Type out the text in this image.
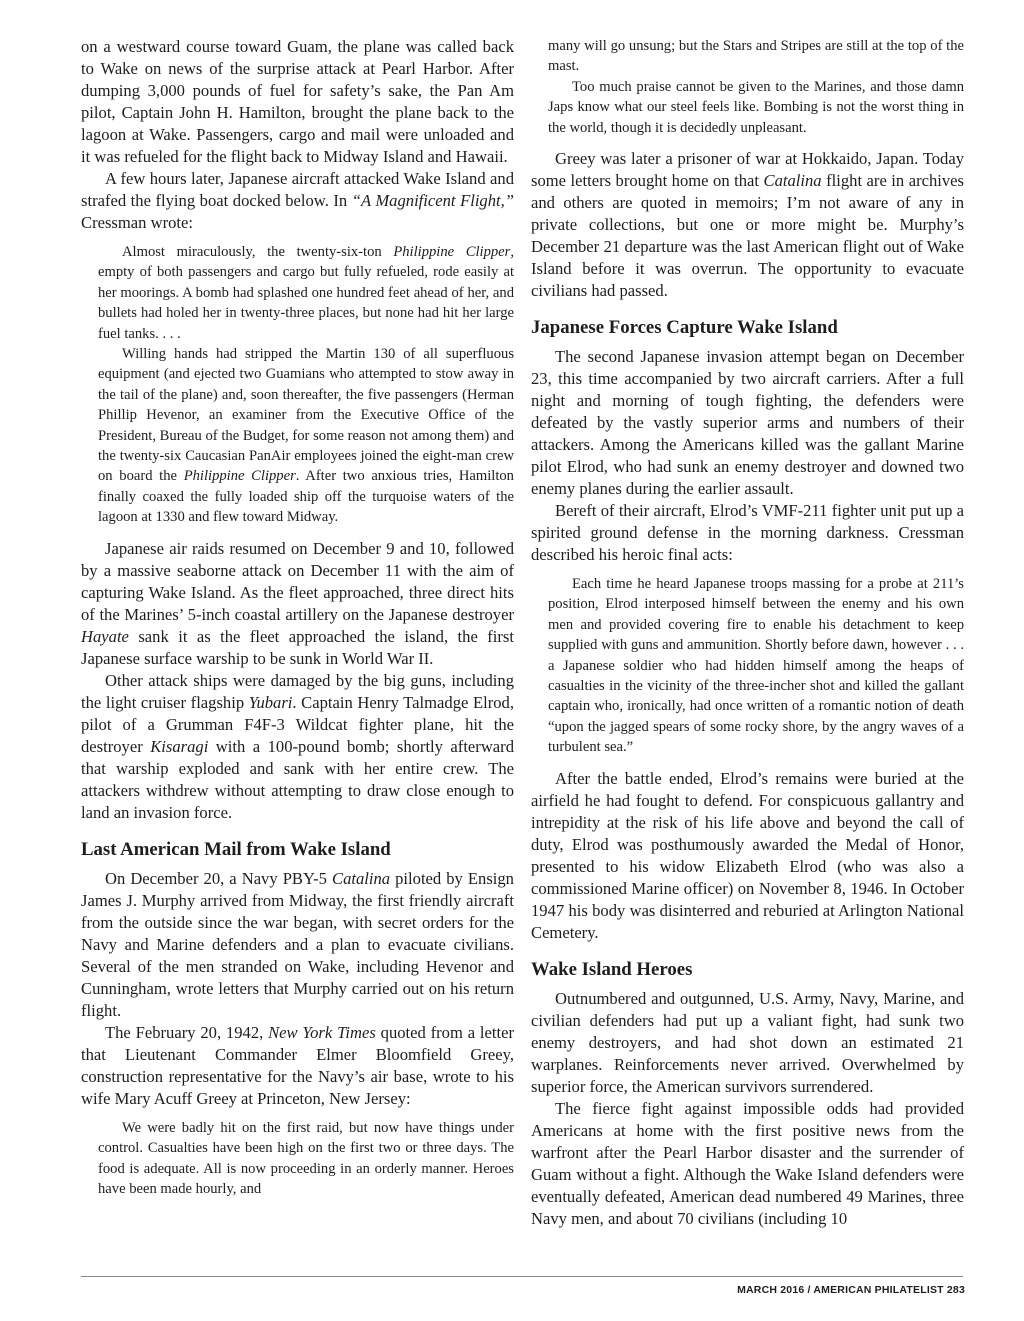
on a westward course toward Guam, the plane was called back to Wake on news of the surprise attack at Pearl Harbor. After dumping 3,000 pounds of fuel for safety’s sake, the Pan Am pilot, Captain John H. Hamilton, brought the plane back to the lagoon at Wake. Passengers, cargo and mail were unloaded and it was refueled for the flight back to Midway Island and Hawaii.

A few hours later, Japanese aircraft attacked Wake Island and strafed the flying boat docked below. In “A Magnificent Flight,” Cressman wrote:

Almost miraculously, the twenty-six-ton Philippine Clipper, empty of both passengers and cargo but fully refueled, rode easily at her moorings. A bomb had splashed one hundred feet ahead of her, and bullets had holed her in twenty-three places, but none had hit her large fuel tanks. . . .

Willing hands had stripped the Martin 130 of all superfluous equipment (and ejected two Guamians who attempted to stow away in the tail of the plane) and, soon thereafter, the five passengers (Herman Phillip Hevenor, an examiner from the Executive Office of the President, Bureau of the Budget, for some reason not among them) and the twenty-six Caucasian PanAir employees joined the eight-man crew on board the Philippine Clipper. After two anxious tries, Hamilton finally coaxed the fully loaded ship off the turquoise waters of the lagoon at 1330 and flew toward Midway.

Japanese air raids resumed on December 9 and 10, followed by a massive seaborne attack on December 11 with the aim of capturing Wake Island. As the fleet approached, three direct hits of the Marines’ 5-inch coastal artillery on the Japanese destroyer Hayate sank it as the fleet approached the island, the first Japanese surface warship to be sunk in World War II.

Other attack ships were damaged by the big guns, including the light cruiser flagship Yubari. Captain Henry Talmadge Elrod, pilot of a Grumman F4F-3 Wildcat fighter plane, hit the destroyer Kisaragi with a 100-pound bomb; shortly afterward that warship exploded and sank with her entire crew. The attackers withdrew without attempting to draw close enough to land an invasion force.

Last American Mail from Wake Island

On December 20, a Navy PBY-5 Catalina piloted by Ensign James J. Murphy arrived from Midway, the first friendly aircraft from the outside since the war began, with secret orders for the Navy and Marine defenders and a plan to evacuate civilians. Several of the men stranded on Wake, including Hevenor and Cunningham, wrote letters that Murphy carried out on his return flight.

The February 20, 1942, New York Times quoted from a letter that Lieutenant Commander Elmer Bloomfield Greey, construction representative for the Navy’s air base, wrote to his wife Mary Acuff Greey at Princeton, New Jersey:

We were badly hit on the first raid, but now have things under control. Casualties have been high on the first two or three days. The food is adequate. All is now proceeding in an orderly manner. Heroes have been made hourly, and

many will go unsung; but the Stars and Stripes are still at the top of the mast.

Too much praise cannot be given to the Marines, and those damn Japs know what our steel feels like. Bombing is not the worst thing in the world, though it is decidedly unpleasant.

Greey was later a prisoner of war at Hokkaido, Japan. Today some letters brought home on that Catalina flight are in archives and others are quoted in memoirs; I’m not aware of any in private collections, but one or more might be. Murphy’s December 21 departure was the last American flight out of Wake Island before it was overrun. The opportunity to evacuate civilians had passed.

Japanese Forces Capture Wake Island

The second Japanese invasion attempt began on December 23, this time accompanied by two aircraft carriers. After a full night and morning of tough fighting, the defenders were defeated by the vastly superior arms and numbers of their attackers. Among the Americans killed was the gallant Marine pilot Elrod, who had sunk an enemy destroyer and downed two enemy planes during the earlier assault.

Bereft of their aircraft, Elrod’s VMF-211 fighter unit put up a spirited ground defense in the morning darkness. Cressman described his heroic final acts:

Each time he heard Japanese troops massing for a probe at 211’s position, Elrod interposed himself between the enemy and his own men and provided covering fire to enable his detachment to keep supplied with guns and ammunition. Shortly before dawn, however . . . a Japanese soldier who had hidden himself among the heaps of casualties in the vicinity of the three-incher shot and killed the gallant captain who, ironically, had once written of a romantic notion of death “upon the jagged spears of some rocky shore, by the angry waves of a turbulent sea.”

After the battle ended, Elrod’s remains were buried at the airfield he had fought to defend. For conspicuous gallantry and intrepidity at the risk of his life above and beyond the call of duty, Elrod was posthumously awarded the Medal of Honor, presented to his widow Elizabeth Elrod (who was also a commissioned Marine officer) on November 8, 1946. In October 1947 his body was disinterred and reburied at Arlington National Cemetery.

Wake Island Heroes

Outnumbered and outgunned, U.S. Army, Navy, Marine, and civilian defenders had put up a valiant fight, had sunk two enemy destroyers, and had shot down an estimated 21 warplanes. Reinforcements never arrived. Overwhelmed by superior force, the American survivors surrendered.

The fierce fight against impossible odds had provided Americans at home with the first positive news from the warfront after the Pearl Harbor disaster and the surrender of Guam without a fight. Although the Wake Island defenders were eventually defeated, American dead numbered 49 Marines, three Navy men, and about 70 civilians (including 10

MARCH 2016 / AMERICAN PHILATELIST 283
